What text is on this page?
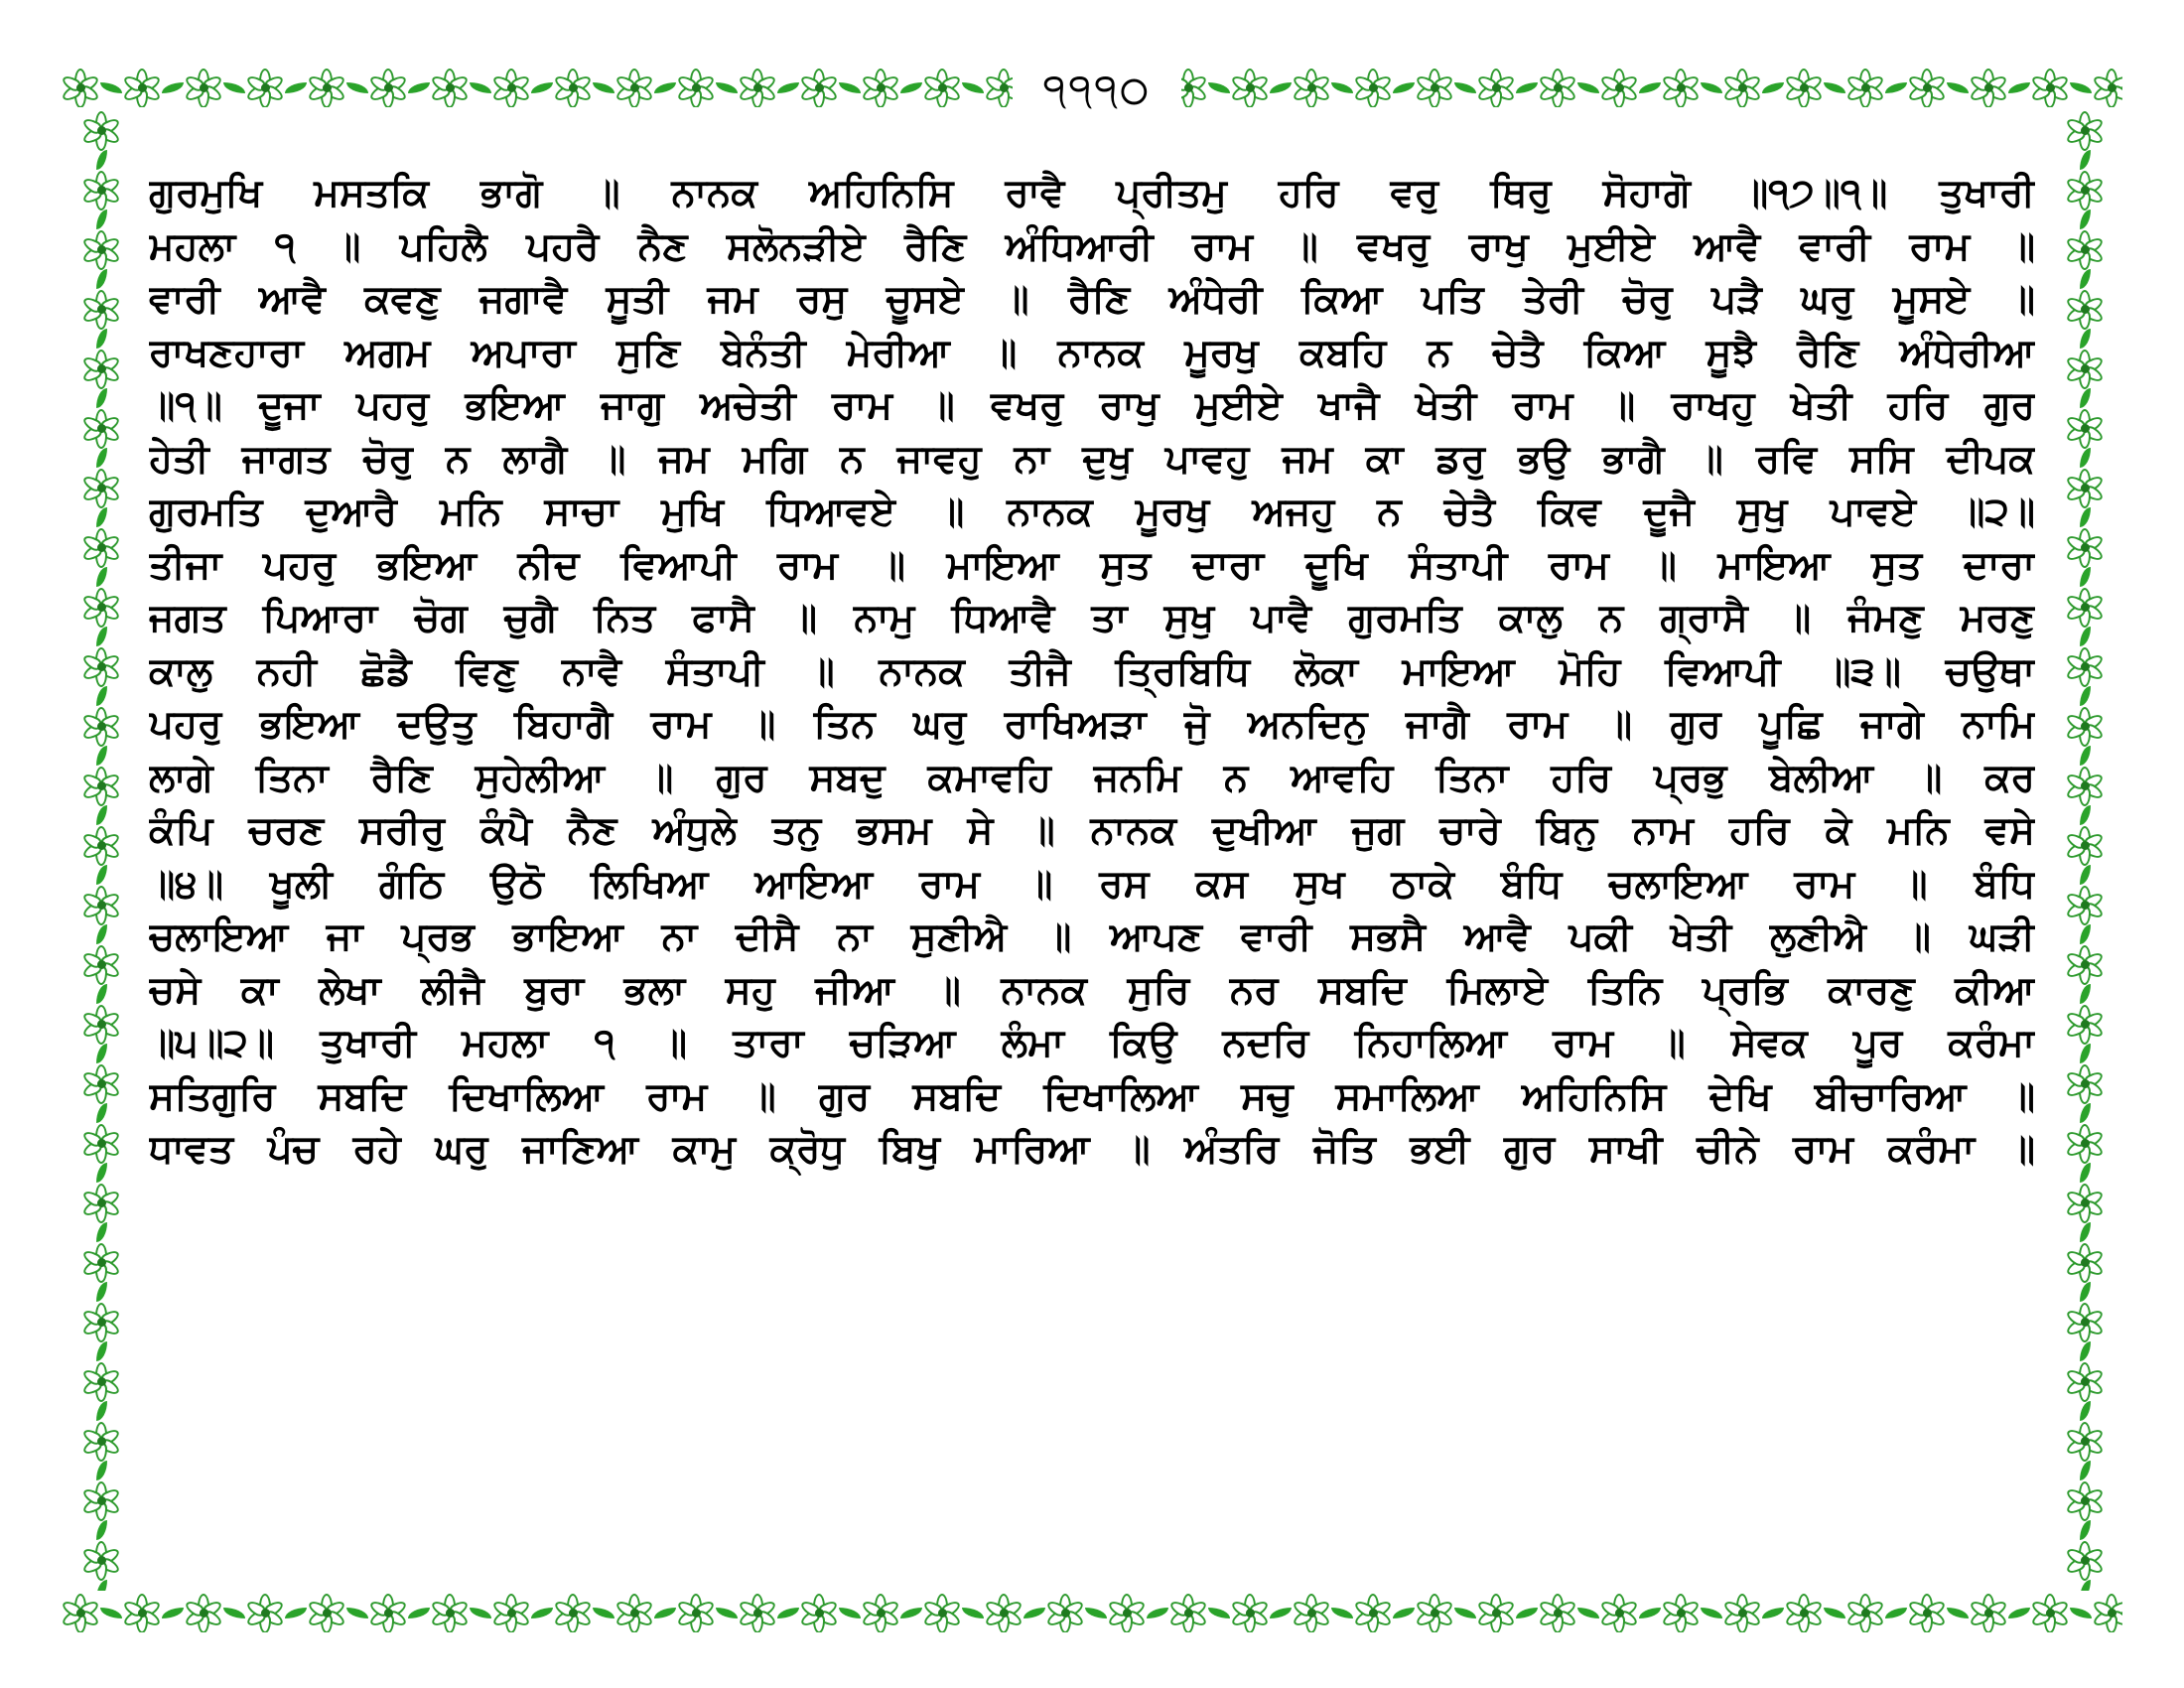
੧੧੧੦
ਗੁਰਮੁਖਿ ਮਸਤਕਿ ਭਾਗੋ ॥ ਨਾਨਕ ਅਹਿਨਿਸਿ ਰਾਵੈ ਪ੍ਰੀਤਮੁ ਹਰਿ ਵਰੁ ਥਿਰੁ ਸੋਹਾਗੋ ॥੧੭॥੧॥ ਤੁਖਾਰੀ
ਮਹਲਾ ੧ ॥ ਪਹਿਲੈ ਪਹਰੈ ਨੈਣ ਸਲੋਨੜੀਏ ਰੈਣਿ ਅੰਧਿਆਰੀ ਰਾਮ ॥ ਵਖਰੁ ਰਾਖੁ ਮੁਈਏ ਆਵੈ ਵਾਰੀ ਰਾਮ ॥
ਵਾਰੀ ਆਵੈ ਕਵਣੁ ਜਗਾਵੈ ਸੂਤੀ ਜਮ ਰਸੁ ਚੂਸਏ ॥ ਰੈਣਿ ਅੰਧੇਰੀ ਕਿਆ ਪਤਿ ਤੇਰੀ ਚੋਰੁ ਪੜੈ ਘਰੁ ਮੂਸਏ ॥
ਰਾਖਣਹਾਰਾ ਅਗਮ ਅਪਾਰਾ ਸੁਣਿ ਬੇਨੰਤੀ ਮੇਰੀਆ ॥ ਨਾਨਕ ਮੂਰਖੁ ਕਬਹਿ ਨ ਚੇਤੈ ਕਿਆ ਸੂਝੈ ਰੈਣਿ ਅੰਧੇਰੀਆ
॥੧॥ ਦੂਜਾ ਪਹਰੁ ਭਇਆ ਜਾਗੁ ਅਚੇਤੀ ਰਾਮ ॥ ਵਖਰੁ ਰਾਖੁ ਮੁਈਏ ਖਾਜੈ ਖੇਤੀ ਰਾਮ ॥ ਰਾਖਹੁ ਖੇਤੀ ਹਰਿ ਗੁਰ
ਹੇਤੀ ਜਾਗਤ ਚੋਰੁ ਨ ਲਾਗੈ ॥ ਜਮ ਮਗਿ ਨ ਜਾਵਹੁ ਨਾ ਦੁਖੁ ਪਾਵਹੁ ਜਮ ਕਾ ਡਰੁ ਭਉ ਭਾਗੈ ॥ ਰਵਿ ਸਸਿ ਦੀਪਕ
ਗੁਰਮਤਿ ਦੁਆਰੈ ਮਨਿ ਸਾਚਾ ਮੁਖਿ ਧਿਆਵਏ ॥ ਨਾਨਕ ਮੂਰਖੁ ਅਜਹੁ ਨ ਚੇਤੈ ਕਿਵ ਦੂਜੈ ਸੁਖੁ ਪਾਵਏ ॥੨॥
ਤੀਜਾ ਪਹਰੁ ਭਇਆ ਨੀਦ ਵਿਆਪੀ ਰਾਮ ॥ ਮਾਇਆ ਸੁਤ ਦਾਰਾ ਦੂਖਿ ਸੰਤਾਪੀ ਰਾਮ ॥ ਮਾਇਆ ਸੁਤ ਦਾਰਾ
ਜਗਤ ਪਿਆਰਾ ਚੋਗ ਚੁਗੈ ਨਿਤ ਫਾਸੈ ॥ ਨਾਮੁ ਧਿਆਵੈ ਤਾ ਸੁਖੁ ਪਾਵੈ ਗੁਰਮਤਿ ਕਾਲੁ ਨ ਗ੍ਰਾਸੈ ॥ ਜੰਮਣੁ ਮਰਣੁ
ਕਾਲੁ ਨਹੀ ਛੋਡੈ ਵਿਣੁ ਨਾਵੈ ਸੰਤਾਪੀ ॥ ਨਾਨਕ ਤੀਜੈ ਤ੍ਰਿਬਿਧਿ ਲੋਕਾ ਮਾਇਆ ਮੋਹਿ ਵਿਆਪੀ ॥੩॥ ਚਉਥਾ
ਪਹਰੁ ਭਇਆ ਦਉਤੁ ਬਿਹਾਗੈ ਰਾਮ ॥ ਤਿਨ ਘਰੁ ਰਾਖਿਅੜਾ ਜੁੋ ਅਨਦਿਨੁ ਜਾਗੈ ਰਾਮ ॥ ਗੁਰ ਪੂਛਿ ਜਾਗੇ ਨਾਮਿ
ਲਾਗੇ ਤਿਨਾ ਰੈਣਿ ਸੁਹੇਲੀਆ ॥ ਗੁਰ ਸਬਦੁ ਕਮਾਵਹਿ ਜਨਮਿ ਨ ਆਵਹਿ ਤਿਨਾ ਹਰਿ ਪ੍ਰਭੁ ਬੇਲੀਆ ॥ ਕਰ
ਕੰਪਿ ਚਰਣ ਸਰੀਰੁ ਕੰਪੈ ਨੈਣ ਅੰਧੁਲੇ ਤਨੁ ਭਸਮ ਸੇ ॥ ਨਾਨਕ ਦੁਖੀਆ ਜੁਗ ਚਾਰੇ ਬਿਨੁ ਨਾਮ ਹਰਿ ਕੇ ਮਨਿ ਵਸੇ
॥੪॥ ਖੂਲੀ ਗੰਠਿ ਉਠੋ ਲਿਖਿਆ ਆਇਆ ਰਾਮ ॥ ਰਸ ਕਸ ਸੁਖ ਠਾਕੇ ਬੰਧਿ ਚਲਾਇਆ ਰਾਮ ॥ ਬੰਧਿ
ਚਲਾਇਆ ਜਾ ਪ੍ਰਭ ਭਾਇਆ ਨਾ ਦੀਸੈ ਨਾ ਸੁਣੀਐ ॥ ਆਪਣ ਵਾਰੀ ਸਭਸੈ ਆਵੈ ਪਕੀ ਖੇਤੀ ਲੁਣੀਐ ॥ ਘੜੀ
ਚਸੇ ਕਾ ਲੇਖਾ ਲੀਜੈ ਬੁਰਾ ਭਲਾ ਸਹੁ ਜੀਆ ॥ ਨਾਨਕ ਸੁਰਿ ਨਰ ਸਬਦਿ ਮਿਲਾਏ ਤਿਨਿ ਪ੍ਰਭਿ ਕਾਰਣੁ ਕੀਆ
॥੫॥੨॥ ਤੁਖਾਰੀ ਮਹਲਾ ੧ ॥ ਤਾਰਾ ਚੜਿਆ ਲੰਮਾ ਕਿਉ ਨਦਰਿ ਨਿਹਾਲਿਆ ਰਾਮ ॥ ਸੇਵਕ ਪੂਰ ਕਰੰਮਾ
ਸਤਿਗੁਰਿ ਸਬਦਿ ਦਿਖਾਲਿਆ ਰਾਮ ॥ ਗੁਰ ਸਬਦਿ ਦਿਖਾਲਿਆ ਸਚੁ ਸਮਾਲਿਆ ਅਹਿਨਿਸਿ ਦੇਖਿ ਬੀਚਾਰਿਆ ॥
ਧਾਵਤ ਪੰਚ ਰਹੇ ਘਰੁ ਜਾਣਿਆ ਕਾਮੁ ਕ੍ਰੋਧੁ ਬਿਖੁ ਮਾਰਿਆ ॥ ਅੰਤਰਿ ਜੋਤਿ ਭਈ ਗੁਰ ਸਾਖੀ ਚੀਨੇ ਰਾਮ ਕਰੰਮਾ ॥
